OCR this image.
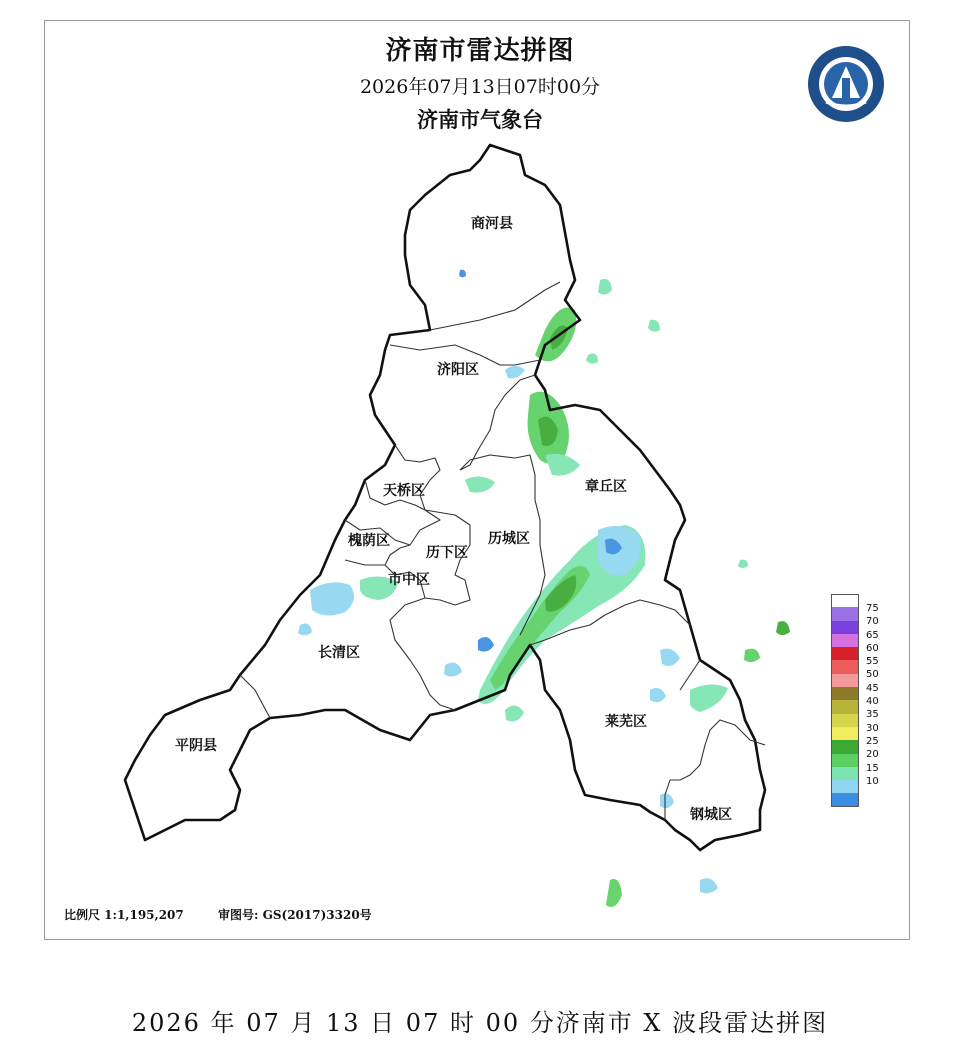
济南市雷达拼图
2026年07月13日07时00分
济南市气象台
商河县
济阳区
天桥区
槐荫区
历下区
历城区
市中区
章丘区
长清区
平阴县
莱芜区
钢城区
75
70
65
60
55
50
45
40
35
30
25
20
15
10
比例尺 1:1,195,207	审图号: GS(2017)3320号
2026 年 07 月 13 日 07 时 00 分济南市 X 波段雷达拼图
